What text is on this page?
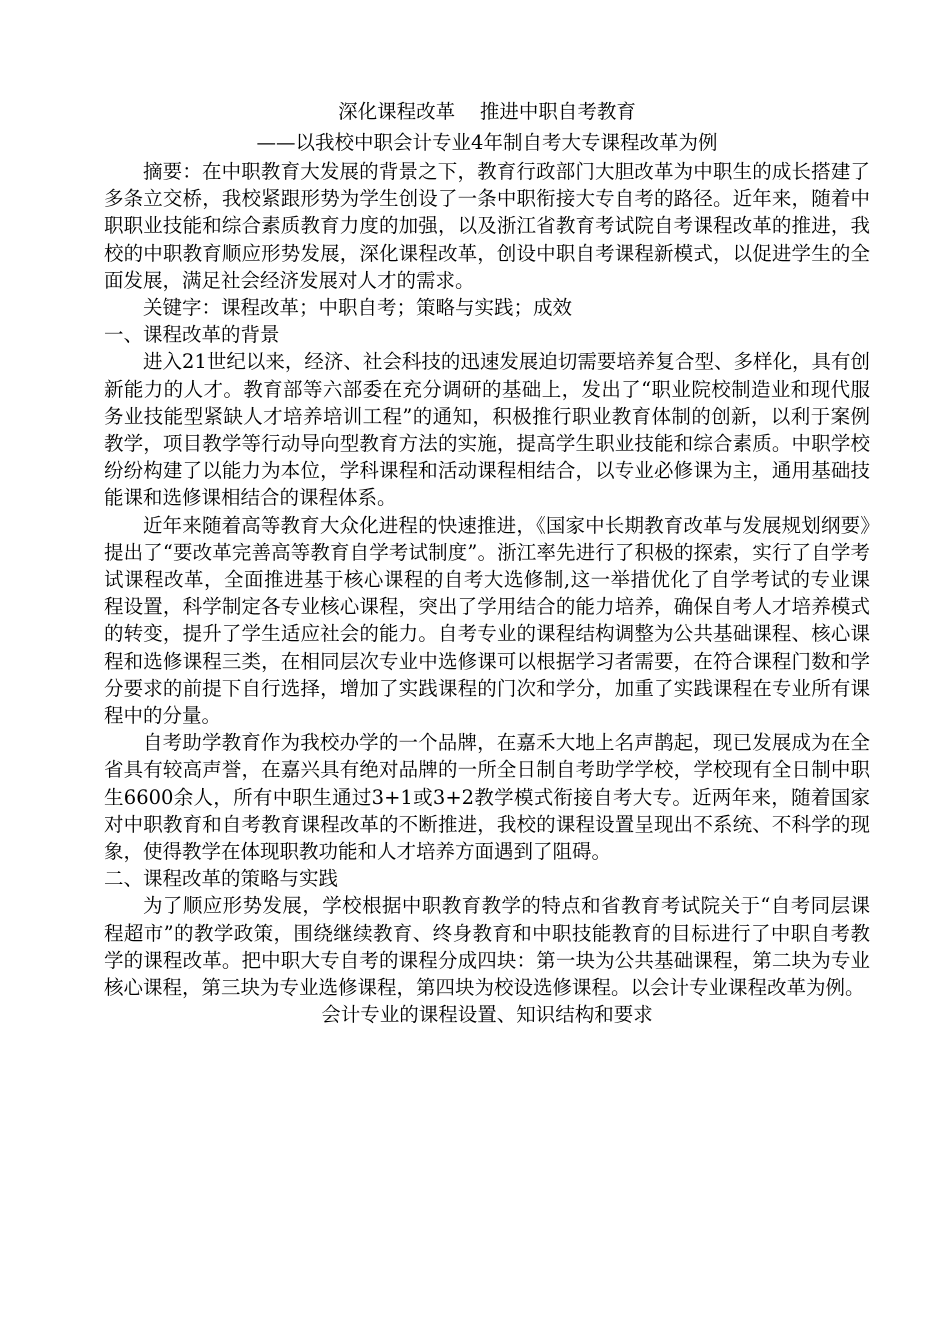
深化课程改革    推进中职自考教育
——以我校中职会计专业4年制自考大专课程改革为例

摘要：在中职教育大发展的背景之下，教育行政部门大胆改革为中职生的成长搭建了多条立交桥，我校紧跟形势为学生创设了一条中职衔接大专自考的路径。近年来，随着中职职业技能和综合素质教育力度的加强，以及浙江省教育考试院自考课程改革的推进，我校的中职教育顺应形势发展，深化课程改革，创设中职自考课程新模式，以促进学生的全面发展，满足社会经济发展对人才的需求。

关键字：课程改革；中职自考；策略与实践；成效

一、课程改革的背景

进入21世纪以来，经济、社会科技的迅速发展迫切需要培养复合型、多样化，具有创新能力的人才。教育部等六部委在充分调研的基础上，发出了“职业院校制造业和现代服务业技能型紧缺人才培养培训工程”的通知，积极推行职业教育体制的创新，以利于案例教学，项目教学等行动导向型教育方法的实施，提高学生职业技能和综合素质。中职学校纷纷构建了以能力为本位，学科课程和活动课程相结合，以专业必修课为主，通用基础技能课和选修课相结合的课程体系。

近年来随着高等教育大众化进程的快速推进，《国家中长期教育改革与发展规划纲要》提出了“要改革完善高等教育自学考试制度”。浙江率先进行了积极的探索，实行了自学考试课程改革，全面推进基于核心课程的自考大选修制,这一举措优化了自学考试的专业课程设置，科学制定各专业核心课程，突出了学用结合的能力培养，确保自考人才培养模式的转变，提升了学生适应社会的能力。自考专业的课程结构调整为公共基础课程、核心课程和选修课程三类，在相同层次专业中选修课可以根据学习者需要，在符合课程门数和学分要求的前提下自行选择，增加了实践课程的门次和学分，加重了实践课程在专业所有课程中的分量。

自考助学教育作为我校办学的一个品牌，在嘉禾大地上名声鹊起，现已发展成为在全省具有较高声誉，在嘉兴具有绝对品牌的一所全日制自考助学学校，学校现有全日制中职生6600余人，所有中职生通过3+1或3+2教学模式衔接自考大专。近两年来，随着国家对中职教育和自考教育课程改革的不断推进，我校的课程设置呈现出不系统、不科学的现象，使得教学在体现职教功能和人才培养方面遇到了阻碍。

二、课程改革的策略与实践

为了顺应形势发展，学校根据中职教育教学的特点和省教育考试院关于“自考同层课程超市”的教学政策，围绕继续教育、终身教育和中职技能教育的目标进行了中职自考教学的课程改革。把中职大专自考的课程分成四块：第一块为公共基础课程，第二块为专业核心课程，第三块为专业选修课程，第四块为校设选修课程。以会计专业课程改革为例。

会计专业的课程设置、知识结构和要求
